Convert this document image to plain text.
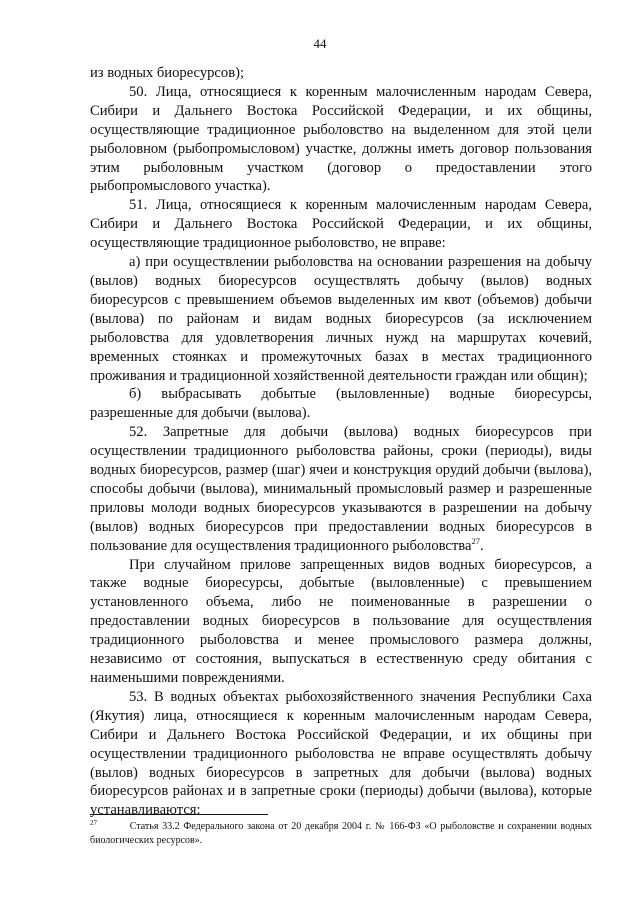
44

из водных биоресурсов);

50. Лица, относящиеся к коренным малочисленным народам Севера, Сибири и Дальнего Востока Российской Федерации, и их общины, осуществляющие традиционное рыболовство на выделенном для этой цели рыболовном (рыбопромысловом) участке, должны иметь договор пользования этим рыболовным участком (договор о предоставлении этого рыбопромыслового участка).

51. Лица, относящиеся к коренным малочисленным народам Севера, Сибири и Дальнего Востока Российской Федерации, и их общины, осуществляющие традиционное рыболовство, не вправе:

а) при осуществлении рыболовства на основании разрешения на добычу (вылов) водных биоресурсов осуществлять добычу (вылов) водных биоресурсов с превышением объемов выделенных им квот (объемов) добычи (вылова) по районам и видам водных биоресурсов (за исключением рыболовства для удовлетворения личных нужд на маршрутах кочевий, временных стоянках и промежуточных базах в местах традиционного проживания и традиционной хозяйственной деятельности граждан или общин);

б) выбрасывать добытые (выловленные) водные биоресурсы, разрешенные для добычи (вылова).

52. Запретные для добычи (вылова) водных биоресурсов при осуществлении традиционного рыболовства районы, сроки (периоды), виды водных биоресурсов, размер (шаг) ячеи и конструкция орудий добычи (вылова), способы добычи (вылова), минимальный промысловый размер и разрешенные приловы молоди водных биоресурсов указываются в разрешении на добычу (вылов) водных биоресурсов при предоставлении водных биоресурсов в пользование для осуществления традиционного рыболовства$^{27}$.

При случайном прилове запрещенных видов водных биоресурсов, а также водные биоресурсы, добытые (выловленные) с превышением установленного объема, либо не поименованные в разрешении о предоставлении водных биоресурсов в пользование для осуществления традиционного рыболовства и менее промыслового размера должны, независимо от состояния, выпускаться в естественную среду обитания с наименьшими повреждениями.

53. В водных объектах рыбохозяйственного значения Республики Саха (Якутия) лица, относящиеся к коренным малочисленным народам Севера, Сибири и Дальнего Востока Российской Федерации, и их общины при осуществлении традиционного рыболовства не вправе осуществлять добычу (вылов) водных биоресурсов в запретных для добычи (вылова) водных биоресурсов районах и в запретные сроки (периоды) добычи (вылова), которые устанавливаются:

$^{27}$	Статья 33.2 Федерального закона от 20 декабря 2004 г. № 166-ФЗ «О рыболовстве и сохранении водных биологических ресурсов».
